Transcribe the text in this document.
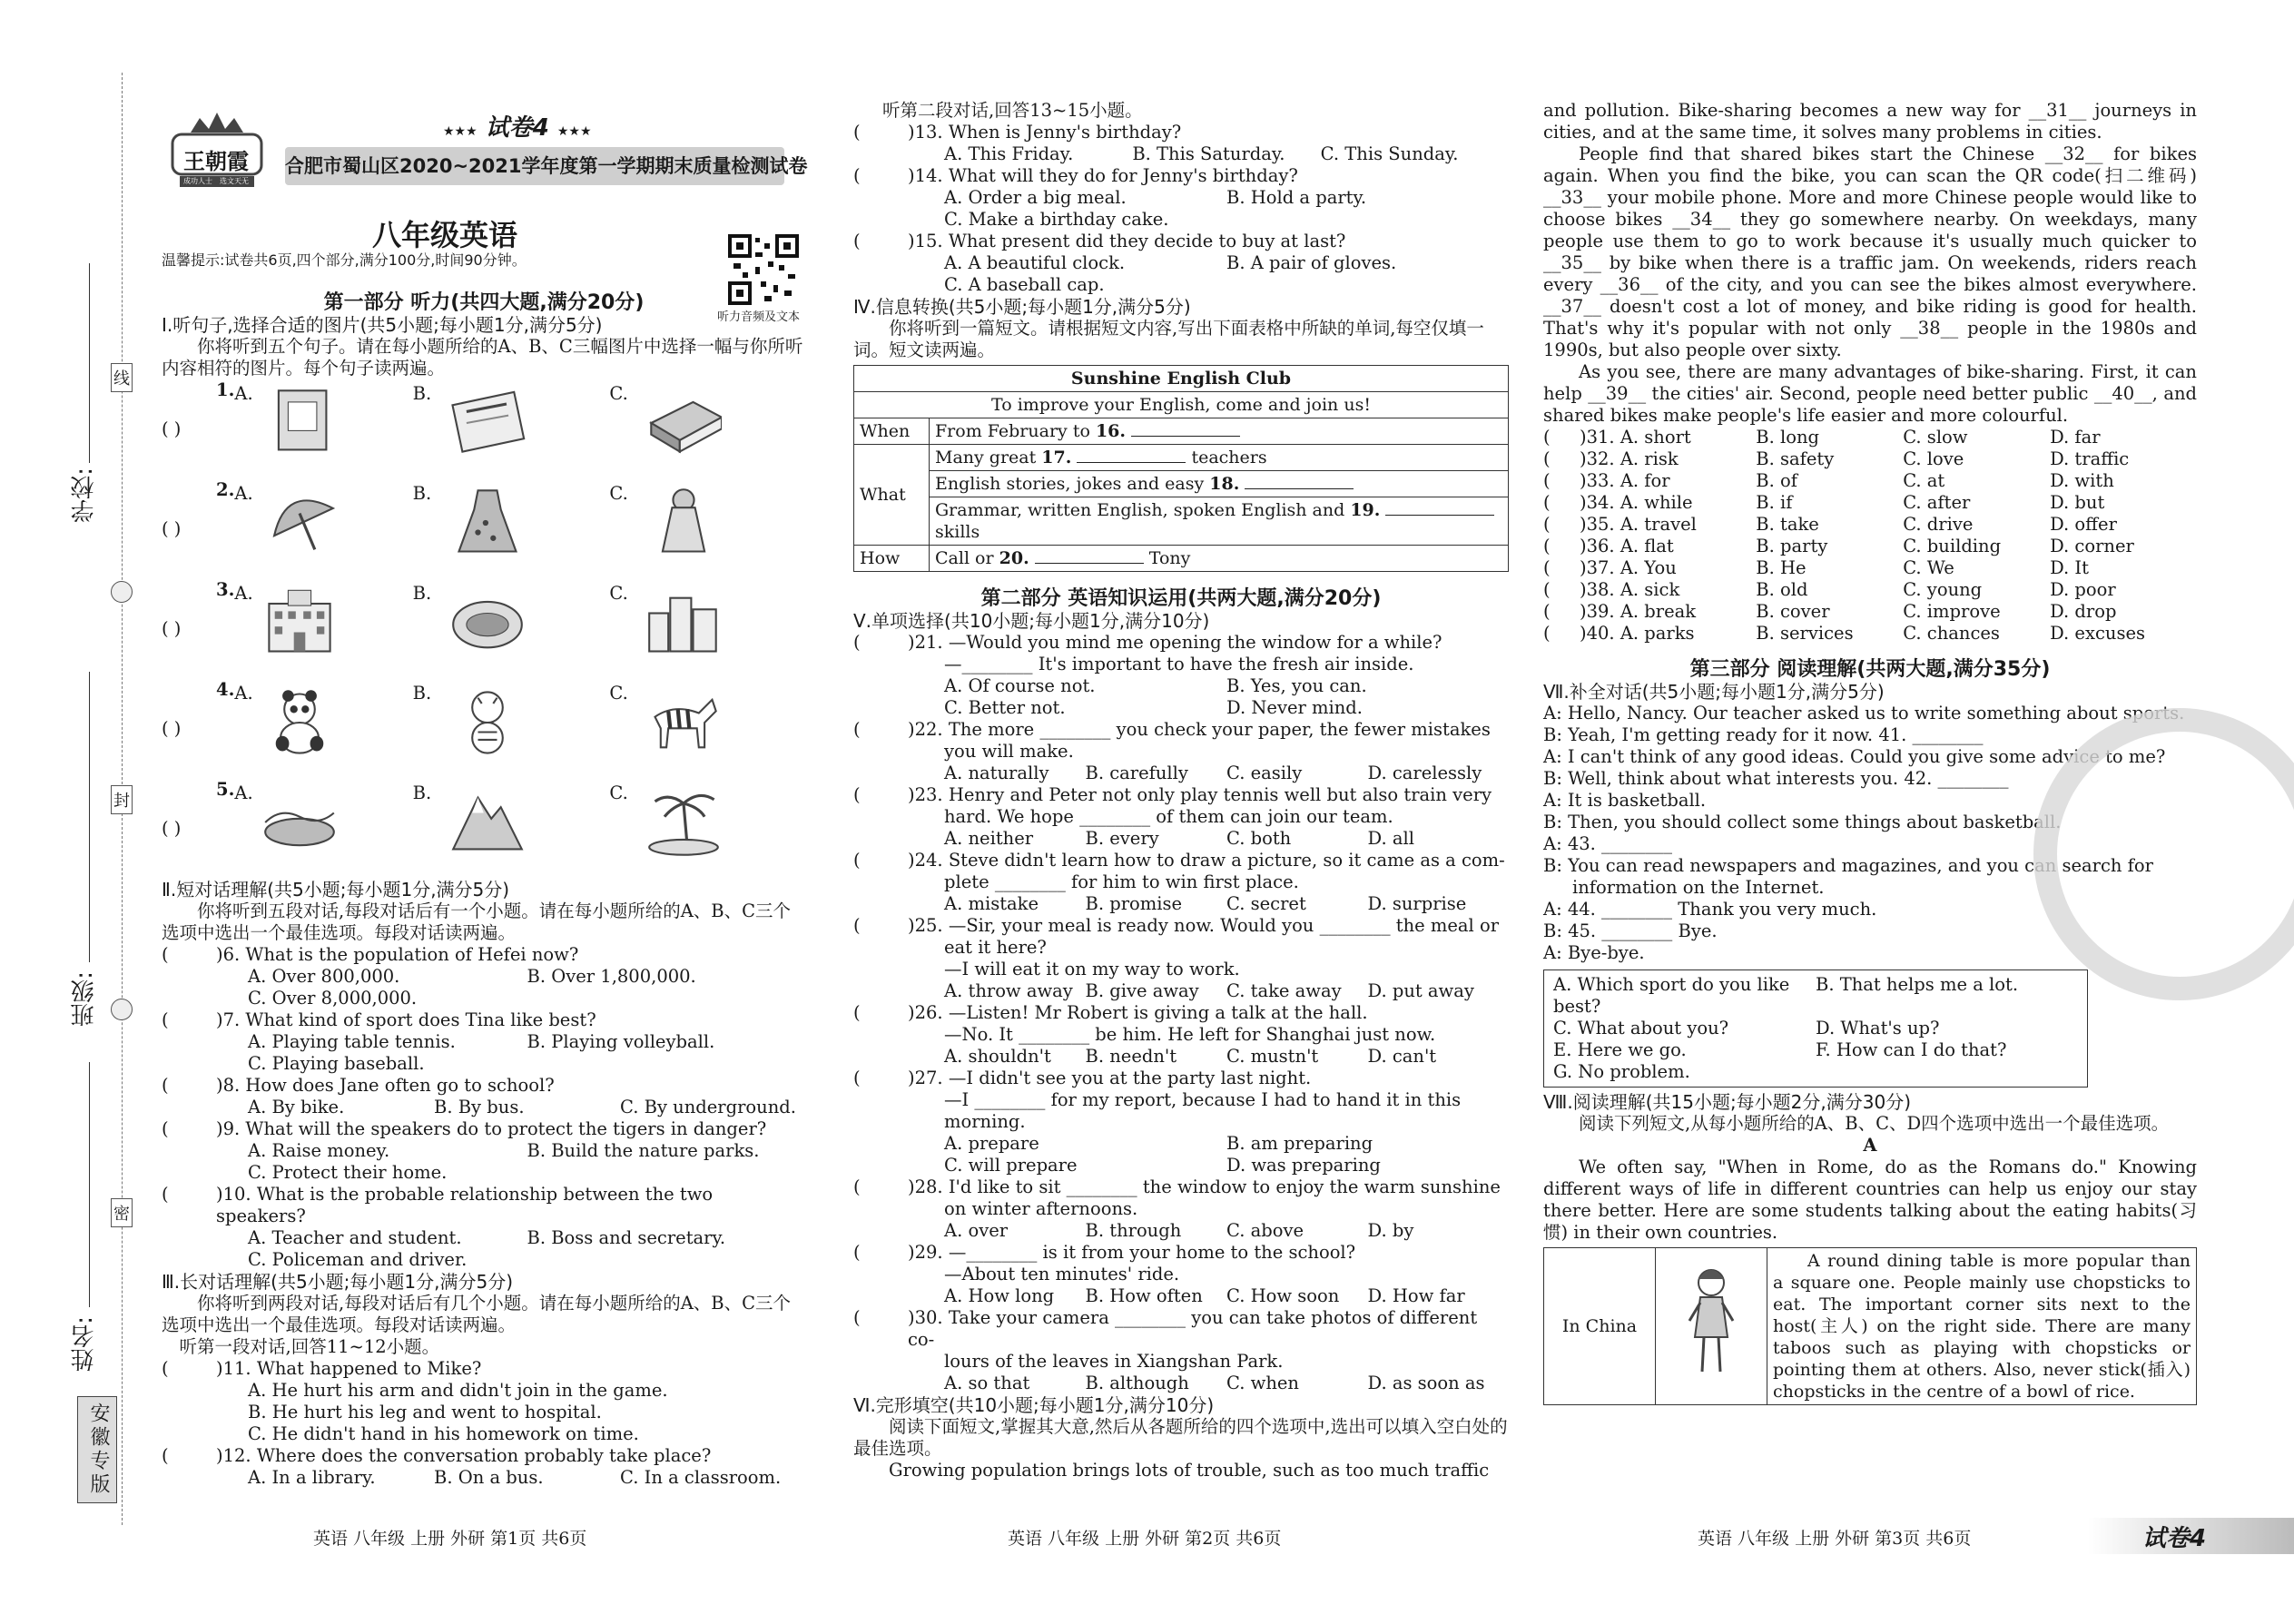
学校:
班级:
姓名:
线
封
密
安徽专版
王朝霞
成功人士 选文天无
★★★ 试卷4 ★★★
合肥市蜀山区2020~2021学年度第一学期期末质量检测试卷
八年级英语
温馨提示:试卷共6页,四个部分,满分100分,时间90分钟。
听力音频及文本
第一部分 听力(共四大题,满分20分)
Ⅰ.听句子,选择合适的图片(共5小题;每小题1分,满分5分)
你将听到五个句子。请在每小题所给的A、B、C三幅图片中选择一幅与你所听内容相符的图片。每个句子读两遍。
( )
1. A.	B.	C.
( )
2. A.	B.	C.
( )
3. A.	B.	C.
( )
4. A.	B.	C.
( )
5. A.	B.	C.
Ⅱ.短对话理解(共5小题;每小题1分,满分5分)
你将听到五段对话,每段对话后有一个小题。请在每小题所给的A、B、C三个选项中选出一个最佳选项。每段对话读两遍。
(	)6. What is the population of Hefei now?
A. Over 800,000.	B. Over 1,800,000.
C. Over 8,000,000.
(	)7. What kind of sport does Tina like best?
A. Playing table tennis.	B. Playing volleyball.
C. Playing baseball.
(	)8. How does Jane often go to school?
A. By bike.	B. By bus.	C. By underground.
(	)9. What will the speakers do to protect the tigers in danger?
A. Raise money.	B. Build the nature parks.
C. Protect their home.
(	)10. What is the probable relationship between the two speakers?
A. Teacher and student.	B. Boss and secretary.
C. Policeman and driver.
Ⅲ.长对话理解(共5小题;每小题1分,满分5分)
你将听到两段对话,每段对话后有几个小题。请在每小题所给的A、B、C三个选项中选出一个最佳选项。每段对话读两遍。
听第一段对话,回答11~12小题。
(	)11. What happened to Mike?
A. He hurt his arm and didn't join in the game.
B. He hurt his leg and went to hospital.
C. He didn't hand in his homework on time.
(	)12. Where does the conversation probably take place?
A. In a library.	B. On a bus.	C. In a classroom.
听第二段对话,回答13~15小题。
(	)13. When is Jenny's birthday?
A. This Friday.	B. This Saturday.	C. This Sunday.
(	)14. What will they do for Jenny's birthday?
A. Order a big meal.	B. Hold a party.
C. Make a birthday cake.
(	)15. What present did they decide to buy at last?
A. A beautiful clock.	B. A pair of gloves.
C. A baseball cap.
Ⅳ.信息转换(共5小题;每小题1分,满分5分)
你将听到一篇短文。请根据短文内容,写出下面表格中所缺的单词,每空仅填一词。短文读两遍。
Sunshine English Club	
To improve your English, come and join us!	
When	From February to 16.
What	Many great 17. teachers
	English stories, jokes and easy 18.
	Grammar, written English, spoken English and 19.
skills
How	Call or 20. Tony
第二部分 英语知识运用(共两大题,满分20分)
Ⅴ.单项选择(共10小题;每小题1分,满分10分)
(	)21. —Would you mind me opening the window for a while?
—________ It's important to have the fresh air inside.
A. Of course not.	B. Yes, you can.
C. Better not.	D. Never mind.
(	)22. The more ________ you check your paper, the fewer mistakes
you will make.
A. naturally	B. carefully	C. easily	D. carelessly
(	)23. Henry and Peter not only play tennis well but also train very
hard. We hope ________ of them can join our team.
A. neither	B. every	C. both	D. all
(	)24. Steve didn't learn how to draw a picture, so it came as a com-
plete ________ for him to win first place.
A. mistake	B. promise	C. secret	D. surprise
(	)25. —Sir, your meal is ready now. Would you ________ the meal or
eat it here?
—I will eat it on my way to work.
A. throw away B. give away	C. take away	D. put away
(	)26. —Listen! Mr Robert is giving a talk at the hall.
—No. It ________ be him. He left for Shanghai just now.
A. shouldn't	B. needn't	C. mustn't	D. can't
(	)27. —I didn't see you at the party last night.
—I ________ for my report, because I had to hand it in this
morning.
A. prepare	B. am preparing
C. will prepare	D. was preparing
(	)28. I'd like to sit ________ the window to enjoy the warm sunshine
on winter afternoons.
A. over	B. through	C. above	D. by
(	)29. —________ is it from your home to the school?
—About ten minutes' ride.
A. How long	B. How often	C. How soon	D. How far
(	)30. Take your camera ________ you can take photos of different co-
lours of the leaves in Xiangshan Park.
A. so that	B. although	C. when	D. as soon as
Ⅵ.完形填空(共10小题;每小题1分,满分10分)
阅读下面短文,掌握其大意,然后从各题所给的四个选项中,选出可以填入空白处的最佳选项。
Growing population brings lots of trouble, such as too much traffic
and pollution. Bike-sharing becomes a new way for __31__ journeys in cities, and at the same time, it solves many problems in cities.
People find that shared bikes start the Chinese __32__ for bikes again. When you find the bike, you can scan the QR code(扫二维码) __33__ your mobile phone. More and more Chinese people would like to choose bikes __34__ they go somewhere nearby. On weekdays, many people use them to go to work because it's usually much quicker to __35__ by bike when there is a traffic jam. On weekends, riders reach every __36__ of the city, and you can see the bikes almost everywhere. __37__ doesn't cost a lot of money, and bike riding is good for health. That's why it's popular with not only __38__ people in the 1980s and 1990s, but also people over sixty.
As you see, there are many advantages of bike-sharing. First, it can help __39__ the cities' air. Second, people need better public __40__, and shared bikes make people's life easier and more colourful.
(	)31. A. short	B. long	C. slow	D. far
(	)32. A. risk	B. safety	C. love	D. traffic
(	)33. A. for	B. of	C. at	D. with
(	)34. A. while	B. if	C. after	D. but
(	)35. A. travel	B. take	C. drive	D. offer
(	)36. A. flat	B. party	C. building	D. corner
(	)37. A. You	B. He	C. We	D. It
(	)38. A. sick	B. old	C. young	D. poor
(	)39. A. break	B. cover	C. improve	D. drop
(	)40. A. parks	B. services	C. chances	D. excuses
第三部分 阅读理解(共两大题,满分35分)
Ⅶ.补全对话(共5小题;每小题1分,满分5分)
A: Hello, Nancy. Our teacher asked us to write something about sports.
B: Yeah, I'm getting ready for it now. 41. ________
A: I can't think of any good ideas. Could you give some advice to me?
B: Well, think about what interests you. 42. ________
A: It is basketball.
B: Then, you should collect some things about basketball.
A: 43. ________
B: You can read newspapers and magazines, and you can search for
information on the Internet.
A: 44. ________ Thank you very much.
B: 45. ________ Bye.
A: Bye-bye.
A. Which sport do you like best?
B. That helps me a lot.
C. What about you?	D. What's up?
E. Here we go.	F. How can I do that?
G. No problem.
Ⅷ.阅读理解(共15小题;每小题2分,满分30分)
阅读下列短文,从每小题所给的A、B、C、D四个选项中选出一个最佳选项。
A
We often say, "When in Rome, do as the Romans do." Knowing different ways of life in different countries can help us enjoy our stay there better. Here are some students talking about the eating habits(习惯) in their own countries.
In China		A round dining table is more popular than a square one. People mainly use chopsticks to eat. The important corner sits next to the host(主人) on the right side. There are many taboos such as playing with chopsticks or pointing them at others. Also, never stick(插入) chopsticks in the centre of a bowl of rice.
英语 八年级 上册 外研 第1页 共6页	英语 八年级 上册 外研 第2页 共6页	英语 八年级 上册 外研 第3页 共6页	试卷4
